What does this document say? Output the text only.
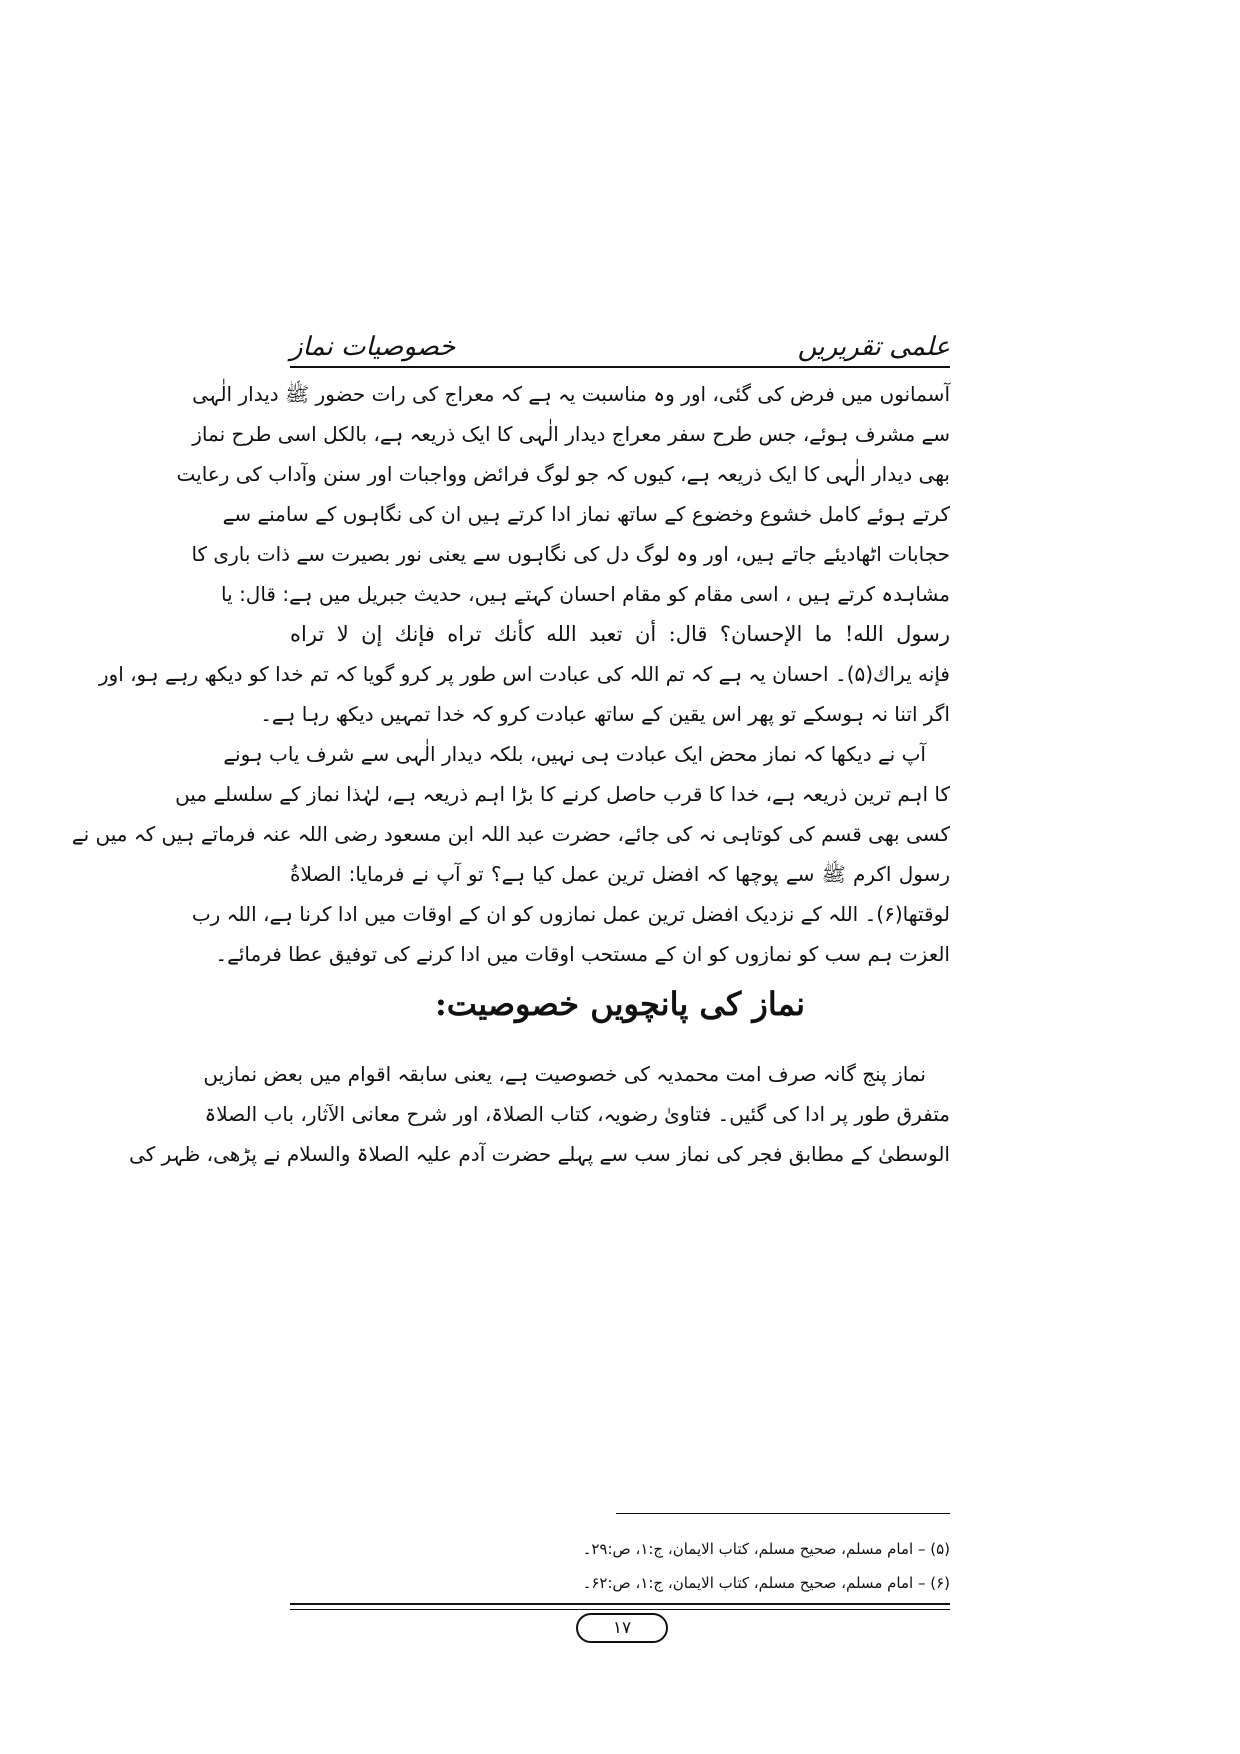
خصوصیات نماز	علمی تقریریں
آسمانوں میں فرض کی گئی، اور وہ مناسبت یہ ہے کہ معراج کی رات حضور ﷺ دیدار الٰہی
سے مشرف ہوئے، جس طرح سفر معراج دیدار الٰہی کا ایک ذریعہ ہے، بالکل اسی طرح نماز
بھی دیدار الٰہی کا ایک ذریعہ ہے، کیوں کہ جو لوگ فرائض وواجبات اور سنن وآداب کی رعایت
کرتے ہوئے کامل خشوع وخضوع کے ساتھ نماز ادا کرتے ہیں ان کی نگاہوں کے سامنے سے
حجابات اٹھادیئے جاتے ہیں، اور وہ لوگ دل کی نگاہوں سے یعنی نور بصیرت سے ذات باری کا
مشاہدہ کرتے ہیں ، اسی مقام کو مقام احسان کہتے ہیں، حدیث جبریل میں ہے: قال: یا
رسول الله! ما الإحسان؟ قال: أن تعبد الله كأنك تراه فإنك إن لا تراه
فإنه يراك(۵)۔ احسان یہ ہے کہ تم اللہ کی عبادت اس طور پر کرو گویا کہ تم خدا کو دیکھ رہے ہو، اور
اگر اتنا نہ ہوسکے تو پھر اس یقین کے ساتھ عبادت کرو کہ خدا تمہیں دیکھ رہا ہے۔
آپ نے دیکھا کہ نماز محض ایک عبادت ہی نہیں، بلکہ دیدار الٰہی سے شرف یاب ہونے
کا اہم ترین ذریعہ ہے، خدا کا قرب حاصل کرنے کا بڑا اہم ذریعہ ہے، لہٰذا نماز کے سلسلے میں
کسی بھی قسم کی کوتاہی نہ کی جائے، حضرت عبد اللہ ابن مسعود رضی اللہ عنہ فرماتے ہیں کہ میں نے
رسول اکرم ﷺ سے پوچھا کہ افضل ترین عمل کیا ہے؟ تو آپ نے فرمایا: الصلاةُ
لوقتها(۶)۔ اللہ کے نزدیک افضل ترین عمل نمازوں کو ان کے اوقات میں ادا کرنا ہے، اللہ رب
العزت ہم سب کو نمازوں کو ان کے مستحب اوقات میں ادا کرنے کی توفیق عطا فرمائے۔
نماز کی پانچویں خصوصیت:
نماز پنج گانہ صرف امت محمدیہ کی خصوصیت ہے، یعنی سابقہ اقوام میں بعض نمازیں
متفرق طور پر ادا کی گئیں۔ فتاویٰ رضویہ، کتاب الصلاۃ، اور شرح معانی الآثار، باب الصلاۃ
الوسطیٰ کے مطابق فجر کی نماز سب سے پہلے حضرت آدم علیہ الصلاۃ والسلام نے پڑھی، ظہر کی
(۵) – امام مسلم، صحیح مسلم، کتاب الایمان، ج:۱، ص:۲۹۔
(۶) – امام مسلم، صحیح مسلم، کتاب الایمان، ج:۱، ص:۶۲۔
۱۷
